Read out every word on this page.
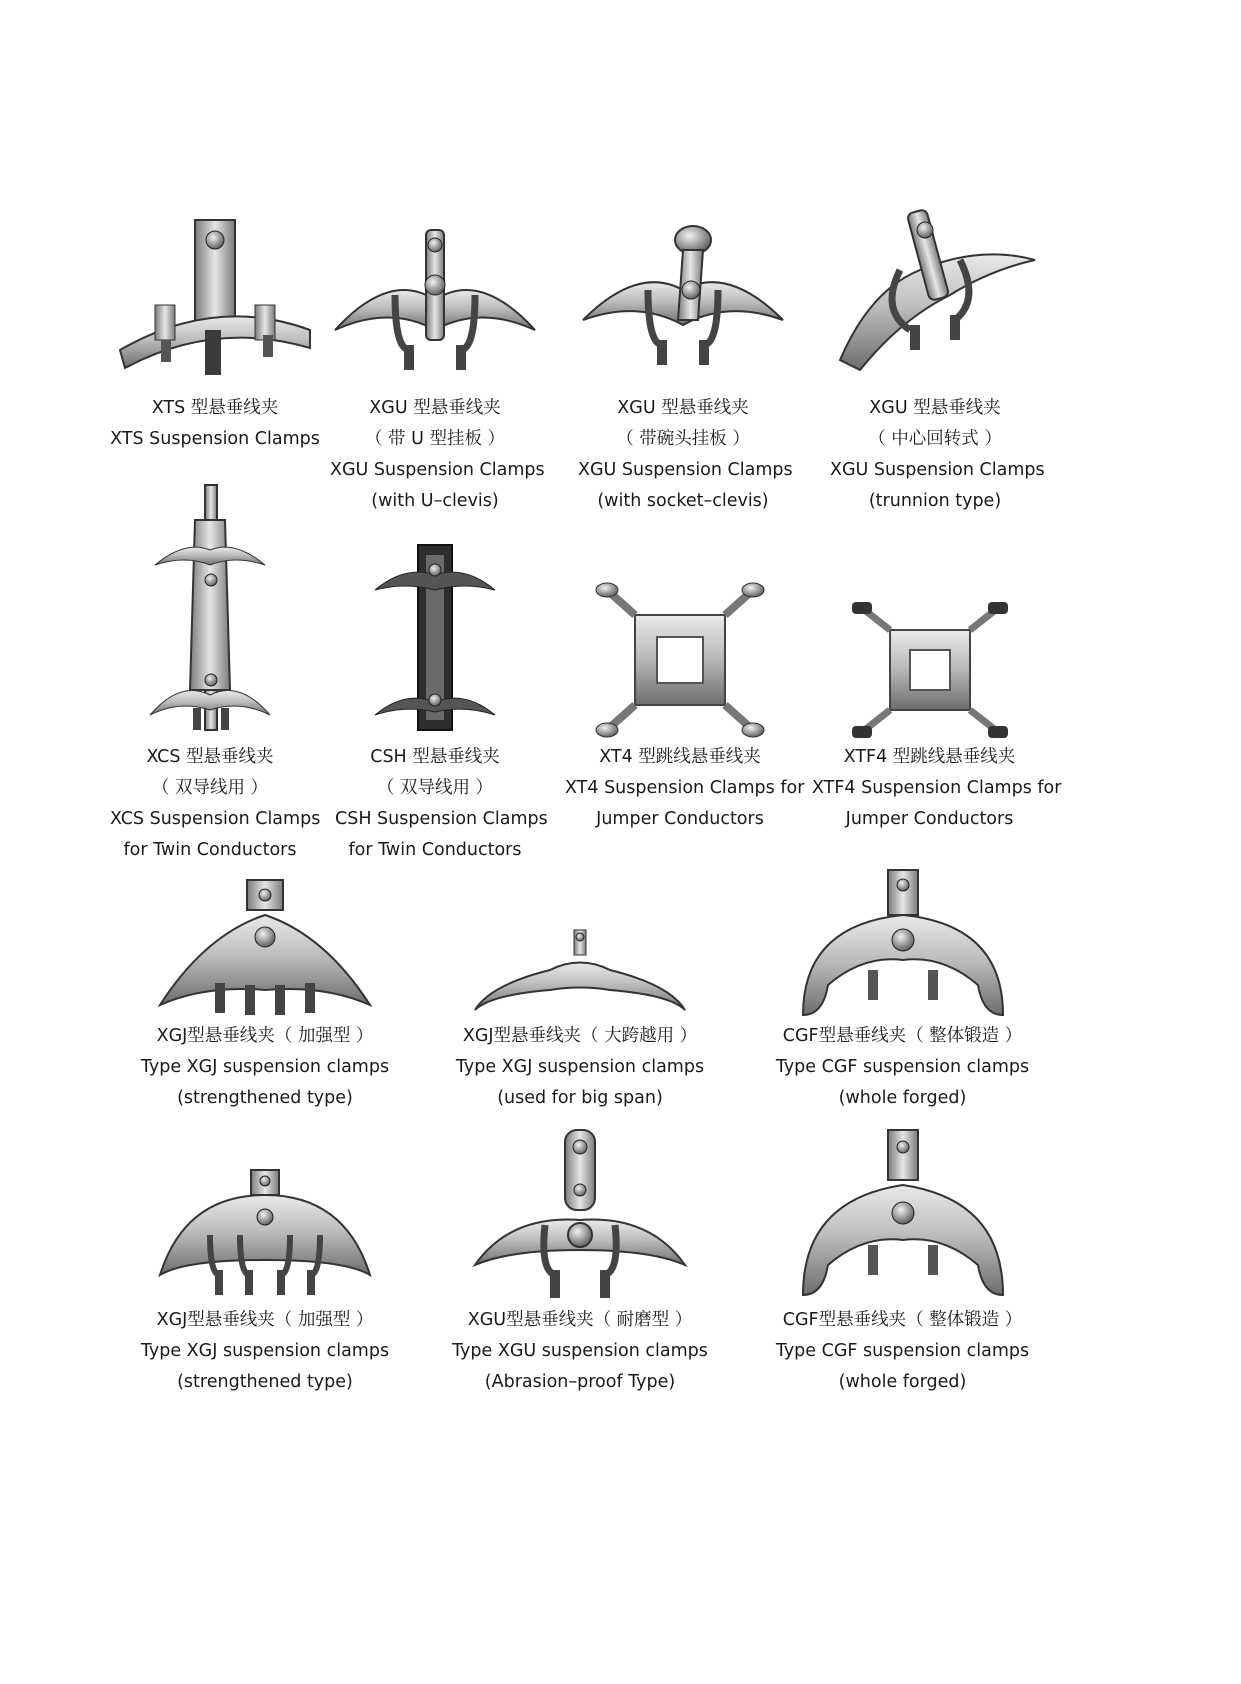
XTS 型悬垂线夹
XTS Suspension Clamps
XGU 型悬垂线夹
（ 带 U 型挂板 ）
XGU Suspension Clamps
(with U–clevis)
XGU 型悬垂线夹
（ 带碗头挂板 ）
XGU Suspension Clamps
(with socket–clevis)
XGU 型悬垂线夹
（ 中心回转式 ）
XGU Suspension Clamps
(trunnion type)
XCS 型悬垂线夹
（ 双导线用 ）
XCS Suspension Clamps
for Twin Conductors
CSH 型悬垂线夹
（ 双导线用 ）
CSH Suspension Clamps
for Twin Conductors
XT4 型跳线悬垂线夹
XT4 Suspension Clamps for
Jumper Conductors
XTF4 型跳线悬垂线夹
XTF4 Suspension Clamps for
Jumper Conductors
XGJ型悬垂线夹（ 加强型 ）
Type XGJ suspension clamps
(strengthened type)
XGJ型悬垂线夹（ 大跨越用 ）
Type XGJ suspension clamps
(used for big span)
CGF型悬垂线夹（ 整体锻造 ）
Type CGF suspension clamps
(whole forged)
XGJ型悬垂线夹（ 加强型 ）
Type XGJ suspension clamps
(strengthened type)
XGU型悬垂线夹（ 耐磨型 ）
Type XGU suspension clamps
(Abrasion–proof Type)
CGF型悬垂线夹（ 整体锻造 ）
Type CGF suspension clamps
(whole forged)
